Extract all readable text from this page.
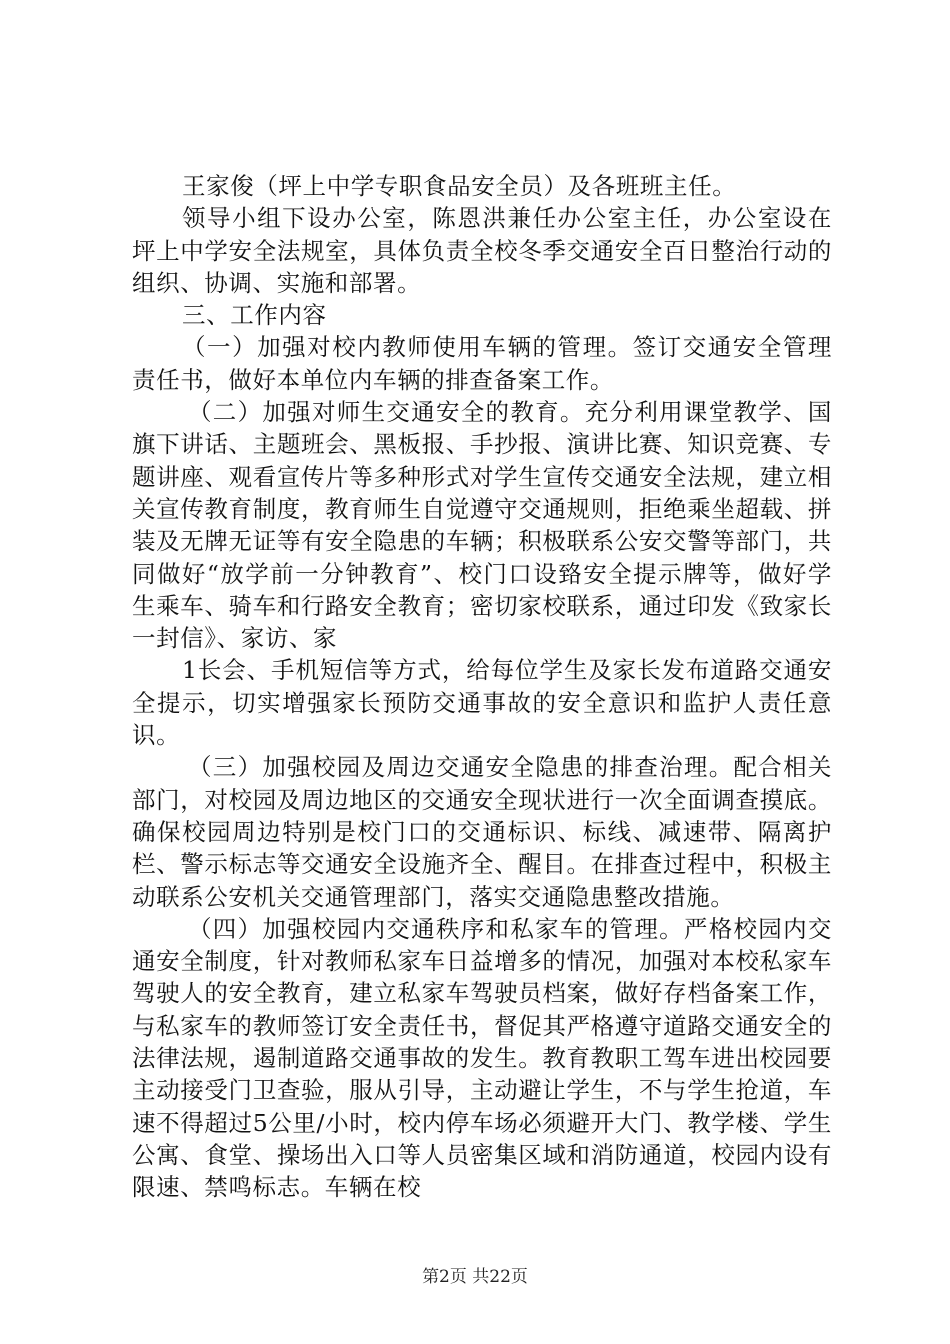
王家俊（坪上中学专职食品安全员）及各班班主任。

领导小组下设办公室，陈恩洪兼任办公室主任，办公室设在坪上中学安全法规室，具体负责全校冬季交通安全百日整治行动的组织、协调、实施和部署。

三、工作内容

（一）加强对校内教师使用车辆的管理。签订交通安全管理责任书，做好本单位内车辆的排查备案工作。

（二）加强对师生交通安全的教育。充分利用课堂教学、国旗下讲话、主题班会、黑板报、手抄报、演讲比赛、知识竞赛、专题讲座、观看宣传片等多种形式对学生宣传交通安全法规，建立相关宣传教育制度，教育师生自觉遵守交通规则，拒绝乘坐超载、拼装及无牌无证等有安全隐患的车辆；积极联系公安交警等部门，共同做好“放学前一分钟教育”、校门口设臵安全提示牌等，做好学生乘车、骑车和行路安全教育；密切家校联系，通过印发《致家长一封信》、家访、家

1长会、手机短信等方式，给每位学生及家长发布道路交通安全提示，切实增强家长预防交通事故的安全意识和监护人责任意识。

（三）加强校园及周边交通安全隐患的排查治理。配合相关部门，对校园及周边地区的交通安全现状进行一次全面调查摸底。确保校园周边特别是校门口的交通标识、标线、减速带、隔离护栏、警示标志等交通安全设施齐全、醒目。在排查过程中，积极主动联系公安机关交通管理部门，落实交通隐患整改措施。

（四）加强校园内交通秩序和私家车的管理。严格校园内交通安全制度，针对教师私家车日益增多的情况，加强对本校私家车驾驶人的安全教育，建立私家车驾驶员档案，做好存档备案工作，与私家车的教师签订安全责任书，督促其严格遵守道路交通安全的法律法规，遏制道路交通事故的发生。教育教职工驾车进出校园要主动接受门卫查验，服从引导，主动避让学生，不与学生抢道，车速不得超过5公里/小时，校内停车场必须避开大门、教学楼、学生公寓、食堂、操场出入口等人员密集区域和消防通道，校园内设有限速、禁鸣标志。车辆在校

第2页 共22页
